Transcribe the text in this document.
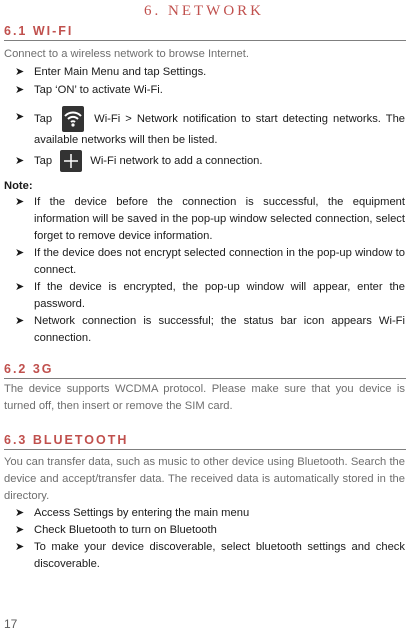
6. NETWORK
6.1 WI-FI
Connect to a wireless network to browse Internet.
➤ Enter Main Menu and tap Settings.
➤ Tap ‘ON’ to activate Wi-Fi.
➤ Tap	Wi-Fi > Network notification to start detecting networks. The available networks will then be listed.
➤ Tap	Wi-Fi network to add a connection.
Note:
➤ If the device before the connection is successful, the equipment information will be saved in the pop-up window selected connection, select forget to remove device information.
➤ If the device does not encrypt selected connection in the pop-up window to connect.
➤ If the device is encrypted, the pop-up window will appear, enter the password.
➤ Network connection is successful; the status bar icon appears Wi-Fi connection.
6.2 3G
The device supports WCDMA protocol. Please make sure that you device is turned off, then insert or remove the SIM card.
6.3 BLUETOOTH
You can transfer data, such as music to other device using Bluetooth. Search the device and accept/transfer data. The received data is automatically stored in the directory.
➤ Access Settings by entering the main menu
➤ Check Bluetooth to turn on Bluetooth
➤ To make your device discoverable, select bluetooth settings and check discoverable.
17
